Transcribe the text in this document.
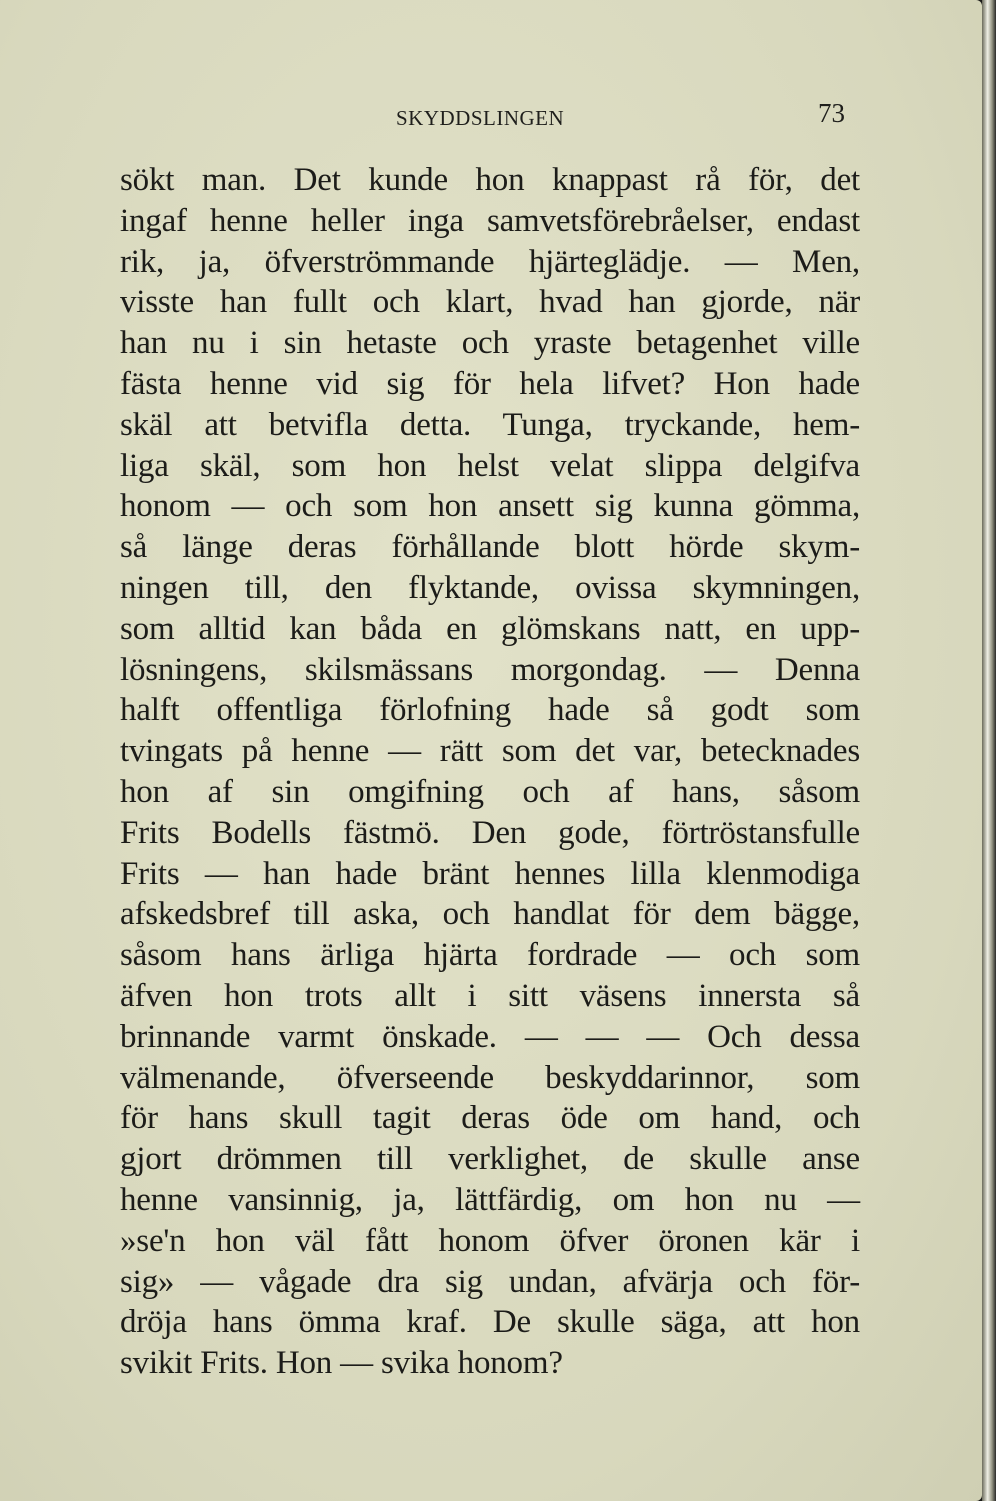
SKYDDSLINGEN	73
sökt man. Det kunde hon knappast rå för, det
ingaf henne heller inga samvetsförebråelser, endast
rik, ja, öfverströmmande hjärteglädje. — Men,
visste han fullt och klart, hvad han gjorde, när
han nu i sin hetaste och yraste betagenhet ville
fästa henne vid sig för hela lifvet? Hon hade
skäl att betvifla detta. Tunga, tryckande, hem-
liga skäl, som hon helst velat slippa delgifva
honom — och som hon ansett sig kunna gömma,
så länge deras förhållande blott hörde skym-
ningen till, den flyktande, ovissa skymningen,
som alltid kan båda en glömskans natt, en upp-
lösningens, skilsmässans morgondag. — Denna
halft offentliga förlofning hade så godt som
tvingats på henne — rätt som det var, betecknades
hon af sin omgifning och af hans, såsom
Frits Bodells fästmö. Den gode, förtröstansfulle
Frits — han hade bränt hennes lilla klenmodiga
afskedsbref till aska, och handlat för dem bägge,
såsom hans ärliga hjärta fordrade — och som
äfven hon trots allt i sitt väsens innersta så
brinnande varmt önskade. — — — Och dessa
välmenande, öfverseende beskyddarinnor, som
för hans skull tagit deras öde om hand, och
gjort drömmen till verklighet, de skulle anse
henne vansinnig, ja, lättfärdig, om hon nu —
»se'n hon väl fått honom öfver öronen kär i
sig» — vågade dra sig undan, afvärja och för-
dröja hans ömma kraf. De skulle säga, att hon
svikit Frits. Hon — svika honom?
